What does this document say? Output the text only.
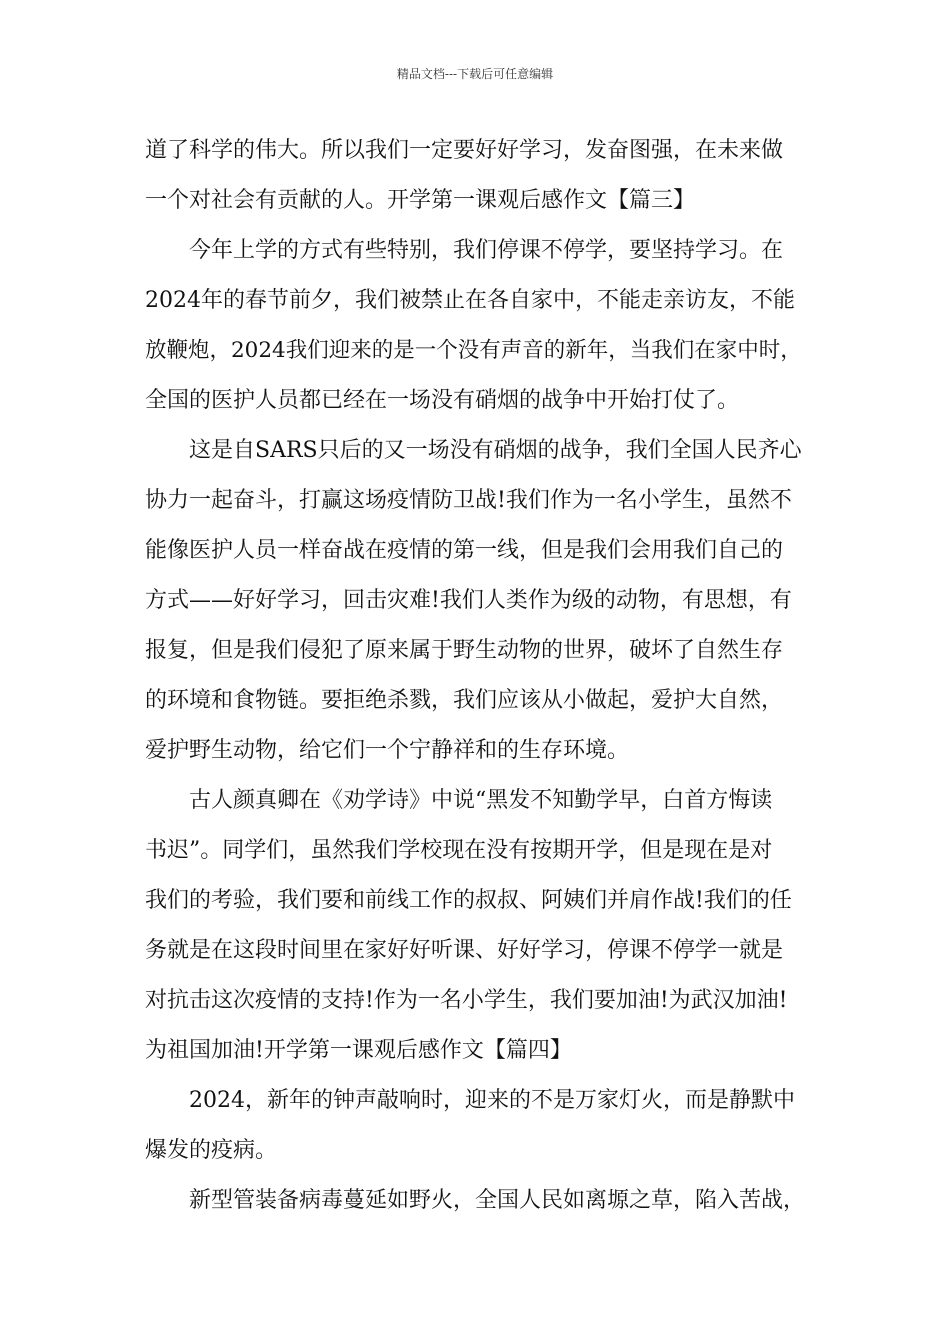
精品文档---下载后可任意编辑
道了科学的伟大。所以我们一定要好好学习，发奋图强，在未来做
一个对社会有贡献的人。开学第一课观后感作文【篇三】
今年上学的方式有些特别，我们停课不停学，要坚持学习。在
2024年的春节前夕，我们被禁止在各自家中，不能走亲访友，不能
放鞭炮，2024我们迎来的是一个没有声音的新年，当我们在家中时，
全国的医护人员都已经在一场没有硝烟的战争中开始打仗了。
这是自SARS只后的又一场没有硝烟的战争，我们全国人民齐心
协力一起奋斗，打赢这场疫情防卫战!我们作为一名小学生，虽然不
能像医护人员一样奋战在疫情的第一线，但是我们会用我们自己的
方式——好好学习，回击灾难!我们人类作为级的动物，有思想，有
报复，但是我们侵犯了原来属于野生动物的世界，破坏了自然生存
的环境和食物链。要拒绝杀戮，我们应该从小做起，爱护大自然，
爱护野生动物，给它们一个宁静祥和的生存环境。
古人颜真卿在《劝学诗》中说“黑发不知勤学早，白首方悔读
书迟”。同学们，虽然我们学校现在没有按期开学，但是现在是对
我们的考验，我们要和前线工作的叔叔、阿姨们并肩作战!我们的任
务就是在这段时间里在家好好听课、好好学习，停课不停学一就是
对抗击这次疫情的支持!作为一名小学生，我们要加油!为武汉加油!
为祖国加油!开学第一课观后感作文【篇四】
2024，新年的钟声敲响时，迎来的不是万家灯火，而是静默中
爆发的疫病。
新型管装备病毒蔓延如野火，全国人民如离塬之草，陷入苦战，
